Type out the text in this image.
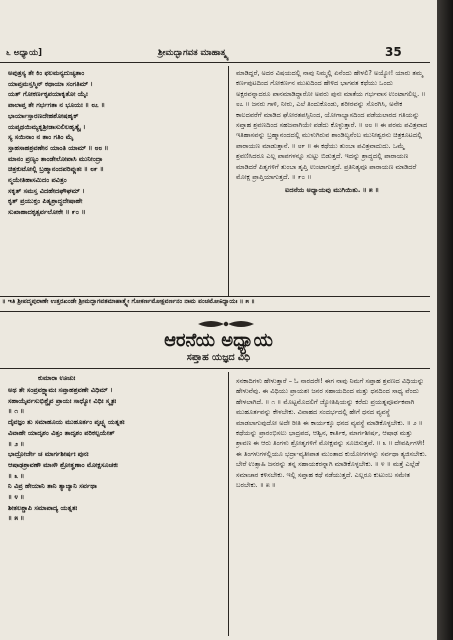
೬ ಅಧ್ಯಾಯ]	ಶ್ರೀಮದ್ಭಾಗವತ ಮಾಹಾತ್ಮ್ಯ	35
ಅಪುತ್ರಸ್ಯ ತೇ ಕಿಂ ಫಲಮನ್ಯದುಚ್ಯತಾಂ
ಯಾಪ್ತಮಸ್ತಸ್ಮಿನ್ ಕಥಾಯಾ ಸಂಗತಿಮ್ ।
ಯತ್ ಗೋಕರ್ಣಕೃಪಯಾಕೃತೋ ಯೈಃ
ಪಾಲಾಪ್ತ ತೇ ಗರ್ಭಗತಾ ನ ಭೂಯಃ ॥ ೮೭ ॥
ಭಾರ್ಯಾಸ್ತಾರಣದೇಹಶೋಷಹೃಕ್
ಯಪೃಥಯಿಮ್ಯಕೃಶ್ರೀಡಾಸುಲಿಲಹೃತ್ಯೈ ।
ಸ್ಯ ಸಯಿನಾಂ ನ ತಾಂ ಗತಿಂ ಮೈ
ಸ್ತಾಹಸಾಹಶ್ರವಣೇನ ಯಾಂತಿ ಯಾಮ್ ॥ ೮೮ ॥
ಮಾನಂ ಪ್ರಣ್ಯಂ ತಾಂಡೇಲೋಪಾಸಿ ಮುನೀಂದ್ರಾ
ಚಿತ್ರಕುಟೋಲ್ಲಿ ಬ್ರಹ್ಮಾನಂದಪರಿಪ್ಲುತಃ ॥ ೮೯ ॥
ನ್ಮಯೇತಿಹಾಸಮಿದಂ ಪವಿತ್ರಂ
ಸಕೃತ್ ಸಮಸ್ತ ವಿದಹೇದಘೌಘಮ್ ।
ಕೃತ್ ಪ್ರಯುಕ್ತಂ ಪಿತೃಶ್ರಾದ್ಧದೇಷಾಹೇ
ಸುಖಾಹಾದಕೃತ್ಸರ್ವಲೋಕೇ ॥ ೯೦ ॥

ಮಾಡಿದ್ದರೆ, ಅದರ ವಿಷಯದಲ್ಲಿ ನಾವು ನಿಮ್ಮಲ್ಲಿ ಏನೆಂದು ಹೇಳಲಿ? ಅಯ್ಯೋ! ಯಾರು ತಮ್ಮ ಕರ್ಣಪುಟದಿಂದ ಗೋಕರ್ಣನ ಮುಖದಿಂದ ಹೇಳಿದ ಭಾಗವತ ಕಥೆಯು ಒಂದು ಅಕ್ಷರವನ್ನಾದರೂ ಪಾನಮಾಡಿದ್ದಾರೋ ಅವರು ಪುನಃ ಮಾತೆಯ ಗರ್ಭವಾಸ ಉಂಟಾಗಲಿಲ್ಲ. ॥ ೮೭ ॥ ಜನರು ಗಾಳಿ, ನೀರು, ಎಲೆ ತಿಂದುಕೊಂಡು, ಶರೀರವನ್ನು ಸೊರಗಿಸಿ, ಅನೇಕ ಕಾಲದವರೆಗೆ ಮಾಡಿದ ಘೋರತಪಸ್ಸಿನಿಂದ, ಯೋಗಾಭ್ಯಾಸದಿಂದ ಪಡೆಯಲಾರದ ಗತಿಯನ್ನು ಸಪ್ತಾಹ ಶ್ರವಣದಿಂದ ಸಹಜವಾಗಿಯೇ ಪಡೆದು ಕೊಳ್ಳುತ್ತಾರೆ. ॥ ೮೮ ॥ ಈ ಪರಮ ಪವಿತ್ರವಾದ ಇತಿಹಾಸವನ್ನು ಬ್ರಹ್ಮಾನಂದದಲ್ಲಿ ಮುಳುಗಿರುವ ಶಾಂಡಿಲ್ಯನೆಂಬ ಮುನೀಶ್ವರನು ಚಿತ್ರಕೂಟದಲ್ಲಿ ಪಾರಾಯಣ ಮಾಡುತ್ತಾನೆ. ॥ ೮೯ ॥ ಈ ಕಥೆಯು ತುಂಬಾ ಪವಿತ್ರವಾದುದು. ಒಮ್ಮೆ ಶ್ರವಣಿಸಿದರೂ ಎಲ್ಲ ಪಾಪಗಳನ್ನೂ ಸುಟ್ಟು ಬಿಡುತ್ತದೆ. ಇದನ್ನು ಶ್ರಾದ್ಧದಲ್ಲಿ ಪಾರಾಯಣ ಮಾಡಿದರೆ ಪಿತೃಗಳಿಗೆ ತುಂಬಾ ತೃಪ್ತಿ ಉಂಟಾಗುತ್ತದೆ. ಪ್ರತಿನಿತ್ಯವೂ ಪಾರಾಯಣ ಮಾಡಿದರೆ ಮೋಕ್ಷ ಪ್ರಾಪ್ತಿಯಾಗುತ್ತದೆ. ॥ ೯೦ ॥

ಐದನೆಯ ಅಧ್ಯಾಯವು ಮುಗಿಯಿತು. ॥ ೫ ॥
॥ ಇತಿ ಶ್ರೀಪದ್ಮಪುರಾಣೇ ಉತ್ತರಖಂಡೇ ಶ್ರೀಮದ್ಭಾಗವತಮಾಹಾತ್ಮ್ಯೇ ಗೋಕರ್ಣಮೋಕ್ಷವರ್ಣನಂ ನಾಮ ಪಂಚಮೋಽಧ್ಯಾಯಃ ॥ ೫ ॥
ಆರನೆಯ ಅಧ್ಯಾಯ
ಸಪ್ತಾಹ ಯಜ್ಞದ ವಿಧಿ
ಕುಮಾರಾ ಊಚುಃ
ಅಥ ತೇ ಸಂಪ್ರವಕ್ಷ್ಯಾಮಃ ಸಪ್ತಾಹಶ್ರವಣೇ ವಿಧಿಮ್ ।
ಸಹಾಯೈರ್ವಸುಭಿಶ್ಚೈವ ಪ್ರಾಯಃ ಸಾಧ್ಯೋ ವಿಧಿಃ ಸ್ಮೃತಃ
॥ ೧ ॥
ದೈವಜ್ಞಂ ತು ಸಮಾಹೂಯ ಮುಹೂರ್ತಂ ಪೃಚ್ಛ್ಯ ಯತ್ನತಃ
ವಿವಾಹೇ ಯಾದೃಶಂ ವಿತ್ತಂ ತಾದೃಶಂ ಪರಿಕಲ್ಪಯೇತ್
॥ ೨ ॥
ಭಾದ್ರೋರ್ಜೇ ಚ ಮಾರ್ಗಶೀರ್ಷಃ ಪುನಃ
ಆಷಾಢಶ್ರಾವಣೌ ಮಾಸೌ ಶ್ರೋತೄಣಾಂ ಮೋಕ್ಷಸೂಚಕಃ
॥ ೩ ॥
ನಿ ವಿಪ್ರ ಹೇಯಾನಿ ತಾನಿ ತ್ಯಾಜ್ಯಾನಿ ಸರ್ವಥಾ
॥ ೪ ॥
ಶೀತಲಶ್ಚಾಪಿ ಸಮಾಪಾದ್ಯ ಯತ್ನತಃ
॥ ೫ ॥

ಸನಕಾದಿಗಳು ಹೇಳುತ್ತಾರೆ – ಓ ನಾರದರೇ! ಈಗ ನಾವು ನಿಮಗೆ ಸಪ್ತಾಹ ಶ್ರವಣದ ವಿಧಿಯನ್ನು ಹೇಳುವೆವು. ಈ ವಿಧಿಯು ಪ್ರಾಯಶಃ ಜನರ ಸಹಾಯದಿಂದ ಮತ್ತು ಧನದಿಂದ ಸಾಧ್ಯ ವೆಂದು ಹೇಳಲಾಗಿದೆ. ॥ ೧ ॥ ಮೊಟ್ಟಮೊದಲಿಗೆ ಜ್ಯೋತಿಷಿಯನ್ನು ಕರೆದು ಪ್ರಯತ್ನಪೂರ್ವಕವಾಗಿ ಮುಹೂರ್ತವನ್ನು ಕೇಳಬೇಕು. ವಿವಾಹದ ಸಂದರ್ಭದಲ್ಲಿ ಹೇಗೆ ಧನದ ವ್ಯವಸ್ಥೆ ಮಾಡಲಾಗುವುದೋ ಅದೇ ರೀತಿ ಈ ಕಾರ್ಯಕ್ಕೂ ಧನದ ವ್ಯವಸ್ಥೆ ಮಾಡಿಕೊಳ್ಳಬೇಕು. ॥ ೨ ॥ ಕಥೆಯನ್ನು ಪ್ರಾರಂಭಿಸಲು ಭಾದ್ರಪದ, ಆಶ್ವಿನ, ಕಾರ್ತಿಕ, ಮಾರ್ಗಶೀರ್ಷ, ಆಷಾಢ ಮತ್ತು ಶ್ರಾವಣ ಈ ಆರು ತಿಂಗಳು ಶ್ರೋತೃಗಳಿಗೆ ಮೋಕ್ಷವನ್ನು ಸೂಚಿಸುತ್ತವೆ. ॥ ೩ ॥ ದೇವರ್ಷಿಗಳೇ! ಈ ತಿಂಗಳುಗಳಲ್ಲಿಯೂ ಭದ್ರಾ-ವ್ಯತೀಪಾತ ಮುಂತಾದ ಕುಯೋಗಗಳನ್ನು ಸರ್ವಥಾ ತ್ಯಜಿಸಬೇಕು. ಬೇರೆ ಉತ್ಸಾಹಿ ಜನರನ್ನು ತನ್ನ ಸಹಾಯಕರನ್ನಾಗಿ ಮಾಡಿಕೊಳ್ಳಬೇಕು. ॥ ೪ ॥ ಮತ್ತೆ ಎಲ್ಲೆಡೆ ಸಮಾಚಾರ ಕಳಿಸಬೇಕು. ಇಲ್ಲಿ ಸಪ್ತಾಹ ಕಥೆ ನಡೆಯುತ್ತದೆ. ಎಲ್ಲರೂ ಕುಟುಂಬ ಸಮೇತ ಬರಬೇಕು. ॥ ೫ ॥
